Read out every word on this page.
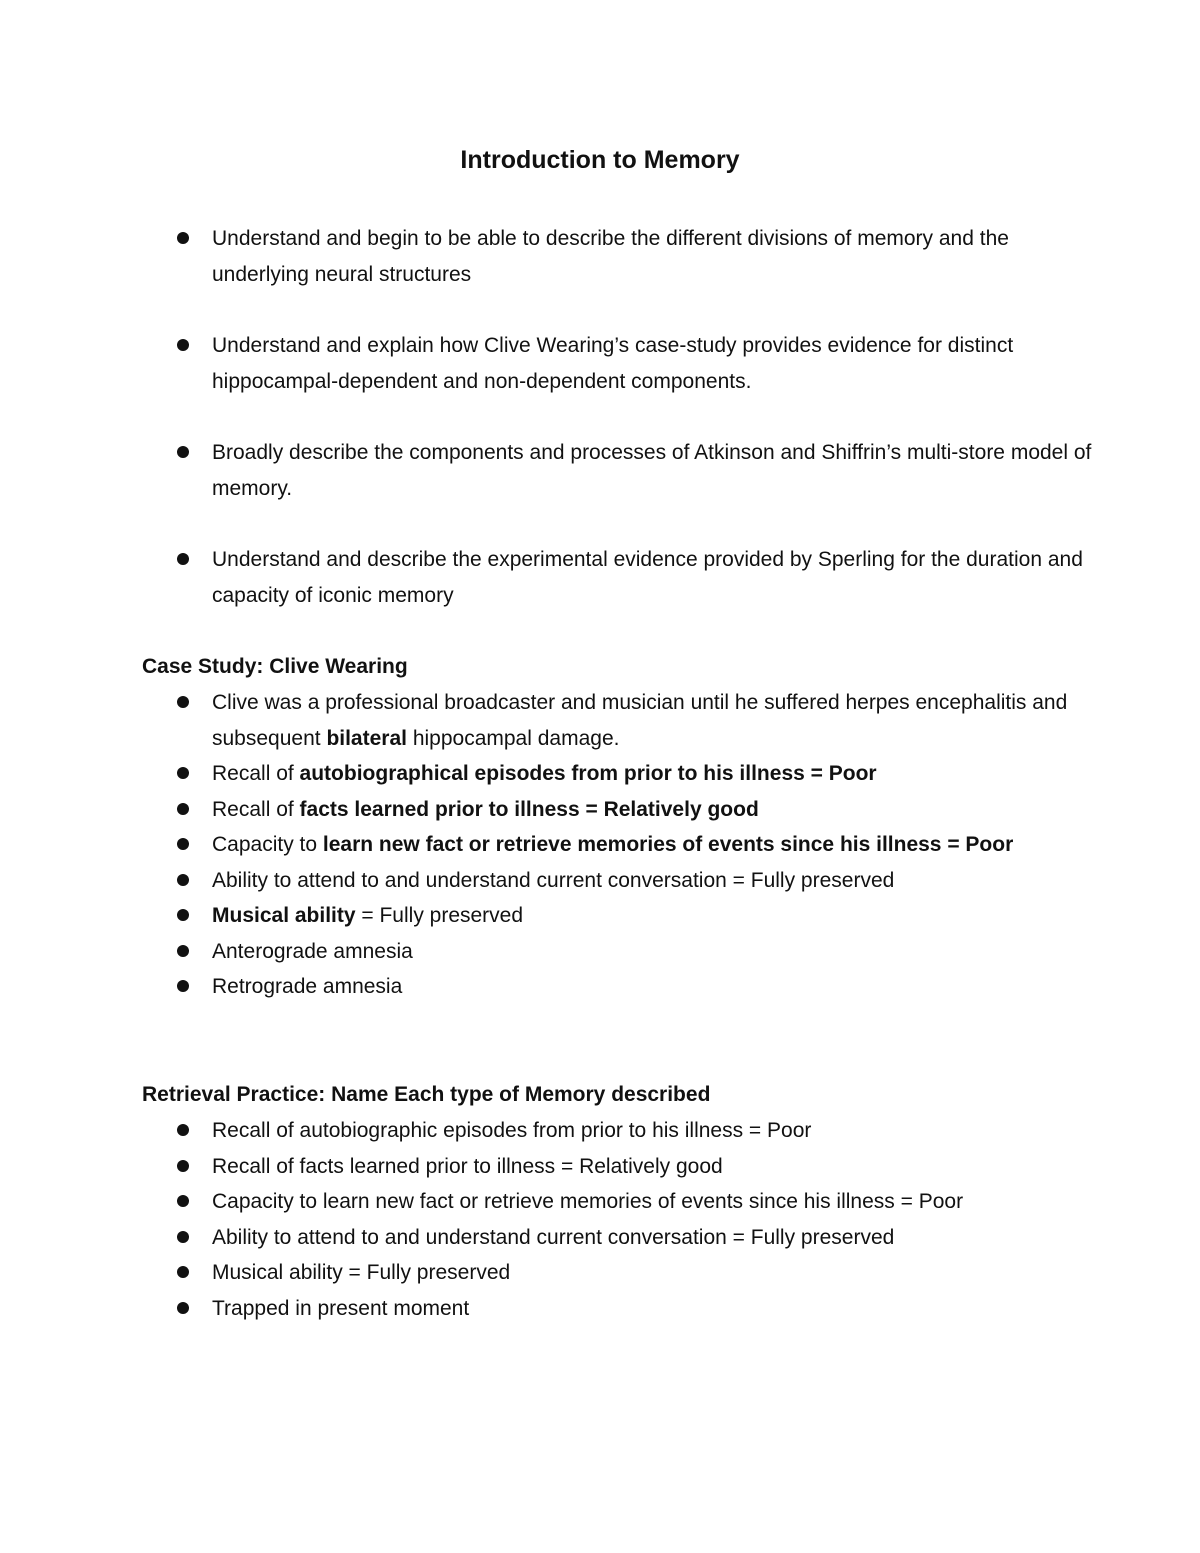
Introduction to Memory
Understand and begin to be able to describe the different divisions of memory and the underlying neural structures
Understand and explain how Clive Wearing’s case-study provides evidence for distinct hippocampal-dependent and non-dependent components.
Broadly describe the components and processes of Atkinson and Shiffrin’s multi-store model of memory.
Understand and describe the experimental evidence provided by Sperling for the duration and capacity of iconic memory
Case Study: Clive Wearing
Clive was a professional broadcaster and musician until he suffered herpes encephalitis and subsequent bilateral hippocampal damage.
Recall of autobiographical episodes from prior to his illness = Poor
Recall of facts learned prior to illness = Relatively good
Capacity to learn new fact or retrieve memories of events since his illness = Poor
Ability to attend to and understand current conversation = Fully preserved
Musical ability = Fully preserved
Anterograde amnesia
Retrograde amnesia
Retrieval Practice: Name Each type of Memory described
Recall of autobiographic episodes from prior to his illness = Poor
Recall of facts learned prior to illness = Relatively good
Capacity to learn new fact or retrieve memories of events since his illness = Poor
Ability to attend to and understand current conversation = Fully preserved
Musical ability = Fully preserved
Trapped in present moment
